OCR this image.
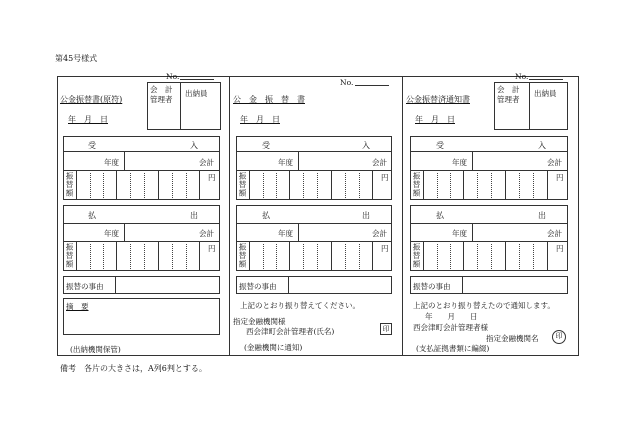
第45号様式
No.
公金振替書(原符)
年　月　日
会　計
管理者
出納員
受	入
年度	会計
振替額	円
払	出
年度	会計
振替額	円
振替の事由
摘　要
(出納機関保管)
No.
公　金　振　替　書
年　月　日
受	入
年度	会計
振替額	円
払	出
年度	会計
振替額	円
振替の事由
上記のとおり振り替えてください。
指定金融機関様
西会津町会計管理者(氏名)	印
(金融機関に通知)
No.
公金振替済通知書
年　月　日
会　計
管理者
出納員
受	入
年度	会計
振替額	円
払	出
年度	会計
振替額	円
振替の事由
上記のとおり振り替えたので通知します。
年　　月　　日
西会津町会計管理者様
指定金融機関名	印
(支払証拠書類に編綴)
備考　各片の大きさは，A列6判とする。
